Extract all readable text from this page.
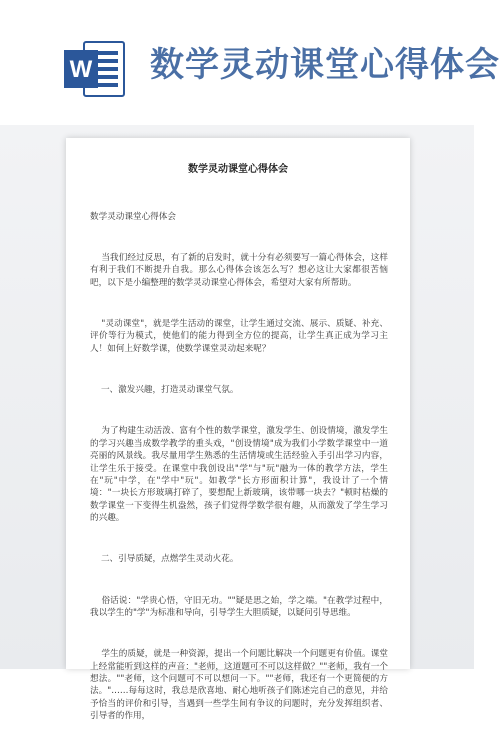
W 数学灵动课堂心得体会
数学灵动课堂心得体会

数学灵动课堂心得体会

当我们经过反思，有了新的启发时，就十分有必须要写一篇心得体会，这样有利于我们不断提升自我。那么心得体会该怎么写？想必这让大家都很苦恼吧，以下是小编整理的数学灵动课堂心得体会，希望对大家有所帮助。

"灵动课堂"，就是学生活动的课堂，让学生通过交流、展示、质疑、补充、评价等行为模式，使他们的能力得到全方位的提高，让学生真正成为学习主人！如何上好数学课，使数学课堂灵动起来呢？

一、激发兴趣，打造灵动课堂气氛。

为了构建生动活泼、富有个性的数学课堂，激发学生、创设情境，激发学生的学习兴趣当成数学教学的重头戏，"创设情境"成为我们小学数学课堂中一道亮丽的风景线。我尽量用学生熟悉的生活情境或生活经验入手引出学习内容，让学生乐于接受。在课堂中我创设出"学"与"玩"融为一体的教学方法，学生在"玩"中学，在"学中"玩"。如教学"长方形面积计算"，我设计了一个情境："一块长方形玻璃打碎了，要想配上新玻璃，该带哪一块去？"顿时枯燥的数学课堂一下变得生机盎然，孩子们觉得学数学很有趣，从而激发了学生学习的兴趣。

二、引导质疑，点燃学生灵动火花。

俗话说："学贵心悟，守旧无功。""疑是思之始，学之端。"在教学过程中，我以学生的"学"为标准和导向，引导学生大胆质疑，以疑问引导思维。

学生的质疑，就是一种资源，提出一个问题比解决一个问题更有价值。课堂上经常能听到这样的声音："老师，这道题可不可以这样做？""老师，我有一个想法。""老师，这个问题可不可以想问一下。""老师，我还有一个更简便的方法。"……每每这时，我总是欣喜地、耐心地听孩子们陈述完自己的意见，并给予恰当的评价和引导，当遇到一些学生间有争议的问题时，充分发挥组织者、引导者的作用，
